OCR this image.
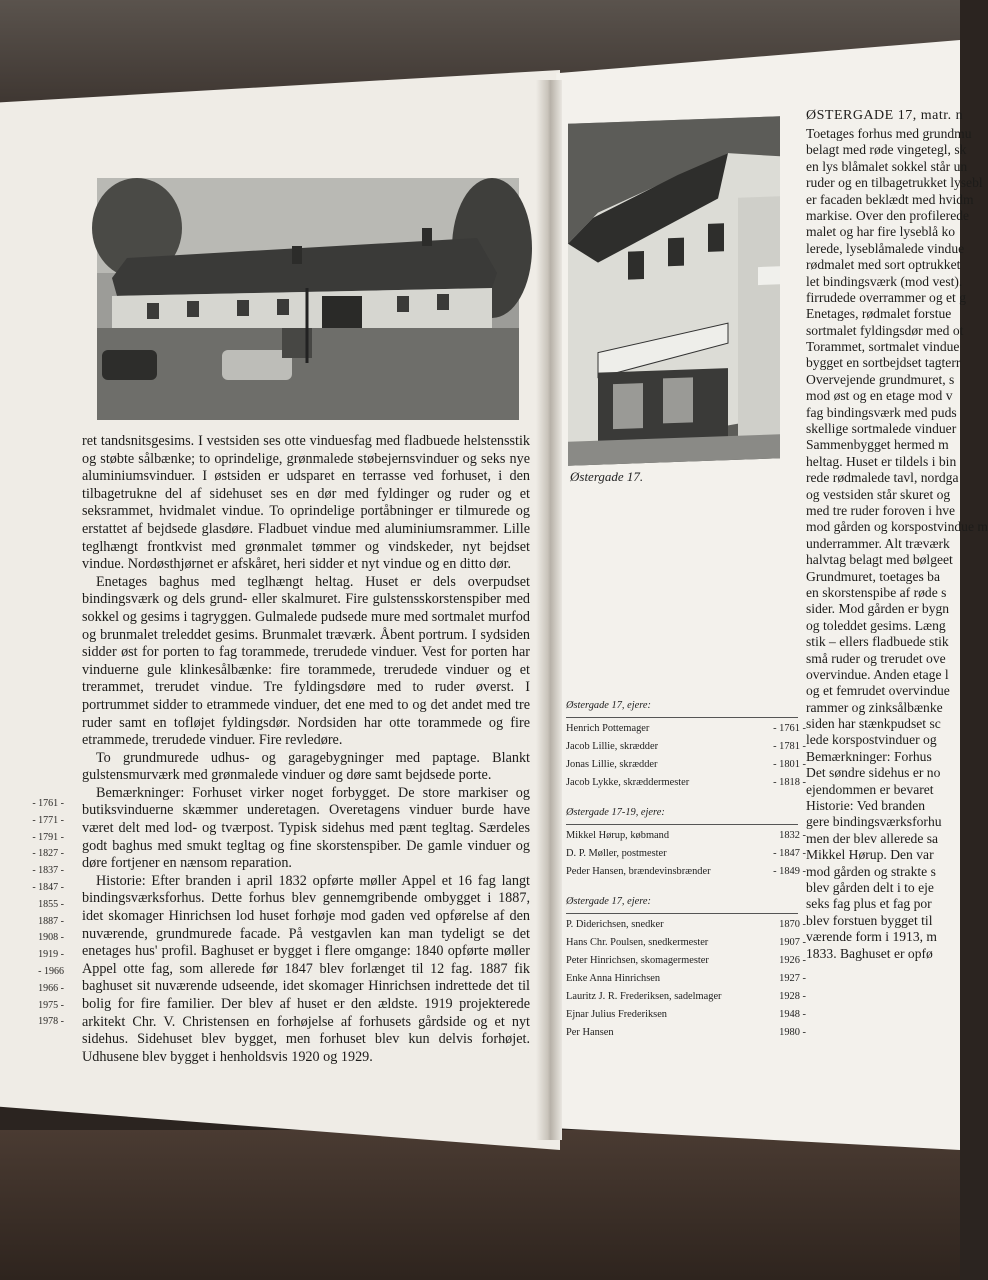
ret tandsnitsgesims. I vestsiden ses otte vinduesfag med fladbuede helstensstik og støbte sålbænke; to oprindelige, grønmalede støbejernsvinduer og seks nye aluminiumsvinduer. I østsiden er udsparet en terrasse ved forhuset, i den tilbagetrukne del af sidehuset ses en dør med fyldinger og ruder og et seksrammet, hvidmalet vindue. To oprindelige portåbninger er tilmurede og erstattet af bejdsede glasdøre. Fladbuet vindue med aluminiumsrammer. Lille teglhængt frontkvist med grønmalet tømmer og vindskeder, nyt bejdset vindue. Nordøsthjørnet er afskåret, heri sidder et nyt vindue og en ditto dør.

Enetages baghus med teglhængt heltag. Huset er dels overpudset bindingsværk og dels grund- eller skalmuret. Fire gulstensskorstenspiber med sokkel og gesims i tagryggen. Gulmalede pudsede mure med sortmalet murfod og brunmalet treleddet gesims. Brunmalet træværk. Åbent portrum. I sydsiden sidder øst for porten to fag torammede, trerudede vinduer. Vest for porten har vinduerne gule klinkesålbænke: fire torammede, trerudede vinduer og et trerammet, trerudet vindue. Tre fyldingsdøre med to ruder øverst. I portrummet sidder to etrammede vinduer, det ene med to og det andet med tre ruder samt en tofløjet fyldingsdør. Nordsiden har otte torammede og fire etrammede, trerudede vinduer. Fire revledøre.

To grundmurede udhus- og garagebygninger med paptage. Blankt gulstensmurværk med grønmalede vinduer og døre samt bejdsede porte.

Bemærkninger: Forhuset virker noget forbygget. De store markiser og butiksvinduerne skæmmer underetagen. Overetagens vinduer burde have været delt med lod- og tværpost. Typisk sidehus med pænt tegltag. Særdeles godt baghus med smukt tegltag og fine skorstenspiber. De gamle vinduer og døre fortjener en nænsom reparation.

Historie: Efter branden i april 1832 opførte møller Appel et 16 fag langt bindingsværksforhus. Dette forhus blev gennemgribende ombygget i 1887, idet skomager Hinrichsen lod huset forhøje mod gaden ved opførelse af den nuværende, grundmurede facade. På vestgavlen kan man tydeligt se det enetages hus' profil. Baghuset er bygget i flere omgange: 1840 opførte møller Appel otte fag, som allerede før 1847 blev forlænget til 12 fag. 1887 fik baghuset sit nuværende udseende, idet skomager Hinrichsen indrettede det til bolig for fire familier. Der blev af huset er den ældste. 1919 projekterede arkitekt Chr. V. Christensen en forhøjelse af forhusets gårdside og et nyt sidehus. Sidehuset blev bygget, men forhuset blev kun delvis forhøjet. Udhusene blev bygget i henholdsvis 1920 og 1929.

- 1761 -
- 1771 -
- 1791 -
- 1827 -
- 1837 -
- 1847 -
1855 -
1887 -
1908 -
1919 -
- 1966
1966 -
1975 -
1978 -
Østergade 17.
Østergade 17, ejere:
Henrich Pottemager	- 1761 -
Jacob Lillie, skrædder	- 1781 -
Jonas Lillie, skrædder	- 1801 -
Jacob Lykke, skræddermester	- 1818 -
Østergade 17-19, ejere:
Mikkel Hørup, købmand	1832 -
D. P. Møller, postmester	- 1847 -
Peder Hansen, brændevinsbrænder	- 1849 -
Østergade 17, ejere:
P. Diderichsen, snedker	1870 -
Hans Chr. Poulsen, snedkermester	1907 -
Peter Hinrichsen, skomagermester	1926 -
Enke Anna Hinrichsen	1927 -
Lauritz J. R. Frederiksen, sadelmager	1928 -
Ejnar Julius Frederiksen	1948 -
Per Hansen	1980 -
ØSTERGADE 17, matr. n
Toetages forhus med grundmu
belagt med røde vingetegl, sk
en lys blåmalet sokkel står un
ruder og en tilbagetrukket lysebl
er facaden beklædt med hvidm
markise. Over den profilerede
malet og har fire lyseblå ko
lerede, lyseblåmalede vindue
rødmalet med sort optrukket
let bindingsværk (mod vest).
firrudede overrammer og et g
Enetages, rødmalet forstue
sortmalet fyldingsdør med ot
Torammet, sortmalet vindue
bygget en sortbejdset tagterr
Overvejende grundmuret, s
mod øst og en etage mod v
fag bindingsværk med puds
skellige sortmalede vinduer
Sammenbygget hermed m
heltag. Huset er tildels i bin
rede rødmalede tavl, nordga
og vestsiden står skuret og
med tre ruder foroven i hve
mod gården og korspostvindue m
underrammer. Alt træværk
halvtag belagt med bølgeet
Grundmuret, toetages ba
en skorstenspibe af røde s
sider. Mod gården er bygn
og toleddet gesims. Læng
stik – ellers fladbuede stik
små ruder og trerudet ove
overvindue. Anden etage l
og et femrudet overvindue
rammer og zinksålbænke
siden har stænkpudset sc
lede korspostvinduer og
Bemærkninger: Forhus
Det søndre sidehus er no
ejendommen er bevaret
Historie: Ved branden
gere bindingsværksforhu
men der blev allerede sa
Mikkel Hørup. Den var
mod gården og strakte s
blev gården delt i to eje
seks fag plus et fag por
blev forstuen bygget til
værende form i 1913, m
1833. Baghuset er opfø
